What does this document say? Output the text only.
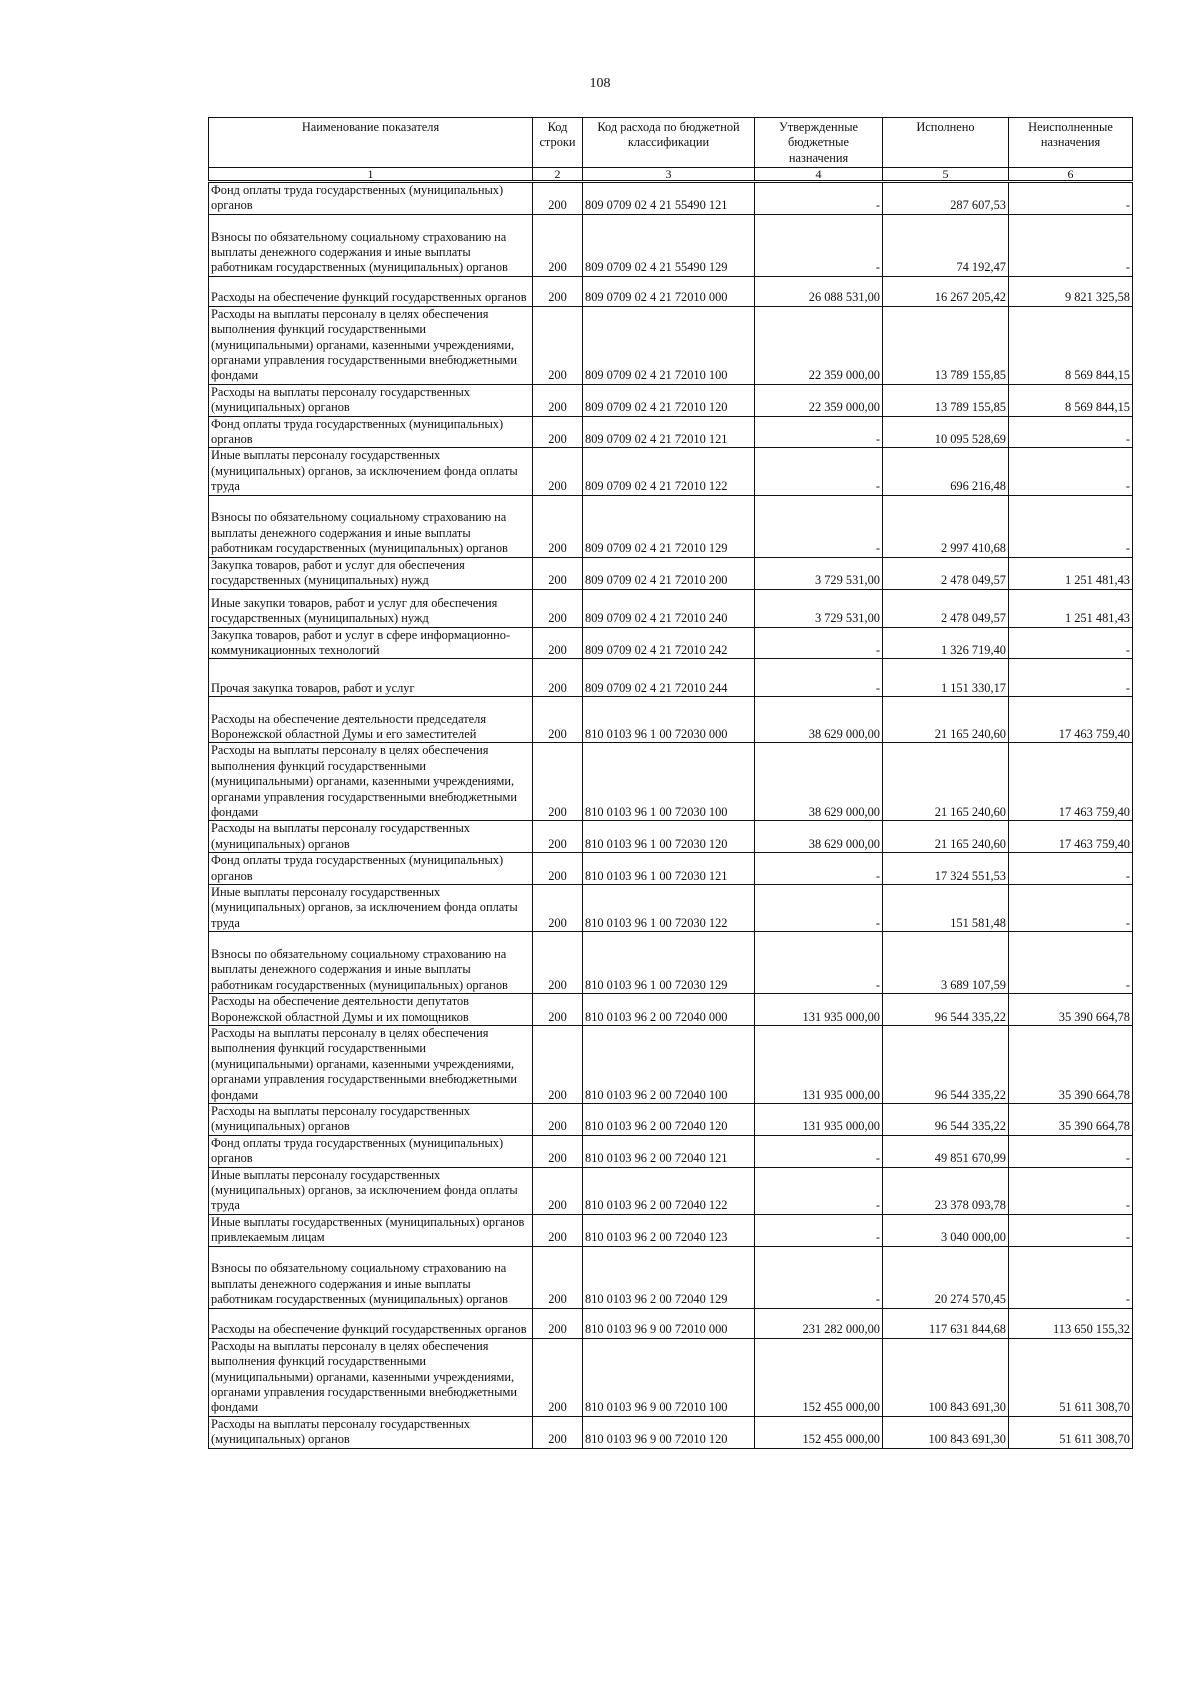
108
Наименование показателя	Код строки	Код расхода по бюджетной классификации	Утвержденные бюджетные назначения	Исполнено	Неисполненные назначения
1	2	3	4	5	6
Фонд оплаты труда государственных (муниципальных) органов	200	809 0709 02 4 21 55490 121	-	287 607,53	-
Взносы по обязательному социальному страхованию на выплаты денежного содержания и иные выплаты работникам государственных (муниципальных) органов	200	809 0709 02 4 21 55490 129	-	74 192,47	-
Расходы на обеспечение функций государственных органов	200	809 0709 02 4 21 72010 000	26 088 531,00	16 267 205,42	9 821 325,58
Расходы на выплаты персоналу в целях обеспечения выполнения функций государственными (муниципальными) органами, казенными учреждениями, органами управления государственными внебюджетными фондами	200	809 0709 02 4 21 72010 100	22 359 000,00	13 789 155,85	8 569 844,15
Расходы на выплаты персоналу государственных (муниципальных) органов	200	809 0709 02 4 21 72010 120	22 359 000,00	13 789 155,85	8 569 844,15
Фонд оплаты труда государственных (муниципальных) органов	200	809 0709 02 4 21 72010 121	-	10 095 528,69	-
Иные выплаты персоналу государственных (муниципальных) органов, за исключением фонда оплаты труда	200	809 0709 02 4 21 72010 122	-	696 216,48	-
Взносы по обязательному социальному страхованию на выплаты денежного содержания и иные выплаты работникам государственных (муниципальных) органов	200	809 0709 02 4 21 72010 129	-	2 997 410,68	-
Закупка товаров, работ и услуг для обеспечения государственных (муниципальных) нужд	200	809 0709 02 4 21 72010 200	3 729 531,00	2 478 049,57	1 251 481,43
Иные закупки товаров, работ и услуг для обеспечения государственных (муниципальных) нужд	200	809 0709 02 4 21 72010 240	3 729 531,00	2 478 049,57	1 251 481,43
Закупка товаров, работ и услуг в сфере информационно-коммуникационных технологий	200	809 0709 02 4 21 72010 242	-	1 326 719,40	-
Прочая закупка товаров, работ и услуг	200	809 0709 02 4 21 72010 244	-	1 151 330,17	-
Расходы на обеспечение деятельности председателя Воронежской областной Думы и его заместителей	200	810 0103 96 1 00 72030 000	38 629 000,00	21 165 240,60	17 463 759,40
Расходы на выплаты персоналу в целях обеспечения выполнения функций государственными (муниципальными) органами, казенными учреждениями, органами управления государственными внебюджетными фондами	200	810 0103 96 1 00 72030 100	38 629 000,00	21 165 240,60	17 463 759,40
Расходы на выплаты персоналу государственных (муниципальных) органов	200	810 0103 96 1 00 72030 120	38 629 000,00	21 165 240,60	17 463 759,40
Фонд оплаты труда государственных (муниципальных) органов	200	810 0103 96 1 00 72030 121	-	17 324 551,53	-
Иные выплаты персоналу государственных (муниципальных) органов, за исключением фонда оплаты труда	200	810 0103 96 1 00 72030 122	-	151 581,48	-
Взносы по обязательному социальному страхованию на выплаты денежного содержания и иные выплаты работникам государственных (муниципальных) органов	200	810 0103 96 1 00 72030 129	-	3 689 107,59	-
Расходы на обеспечение деятельности депутатов Воронежской областной Думы и их помощников	200	810 0103 96 2 00 72040 000	131 935 000,00	96 544 335,22	35 390 664,78
Расходы на выплаты персоналу в целях обеспечения выполнения функций государственными (муниципальными) органами, казенными учреждениями, органами управления государственными внебюджетными фондами	200	810 0103 96 2 00 72040 100	131 935 000,00	96 544 335,22	35 390 664,78
Расходы на выплаты персоналу государственных (муниципальных) органов	200	810 0103 96 2 00 72040 120	131 935 000,00	96 544 335,22	35 390 664,78
Фонд оплаты труда государственных (муниципальных) органов	200	810 0103 96 2 00 72040 121	-	49 851 670,99	-
Иные выплаты персоналу государственных (муниципальных) органов, за исключением фонда оплаты труда	200	810 0103 96 2 00 72040 122	-	23 378 093,78	-
Иные выплаты государственных (муниципальных) органов привлекаемым лицам	200	810 0103 96 2 00 72040 123	-	3 040 000,00	-
Взносы по обязательному социальному страхованию на выплаты денежного содержания и иные выплаты работникам государственных (муниципальных) органов	200	810 0103 96 2 00 72040 129	-	20 274 570,45	-
Расходы на обеспечение функций государственных органов	200	810 0103 96 9 00 72010 000	231 282 000,00	117 631 844,68	113 650 155,32
Расходы на выплаты персоналу в целях обеспечения выполнения функций государственными (муниципальными) органами, казенными учреждениями, органами управления государственными внебюджетными фондами	200	810 0103 96 9 00 72010 100	152 455 000,00	100 843 691,30	51 611 308,70
Расходы на выплаты персоналу государственных (муниципальных) органов	200	810 0103 96 9 00 72010 120	152 455 000,00	100 843 691,30	51 611 308,70
